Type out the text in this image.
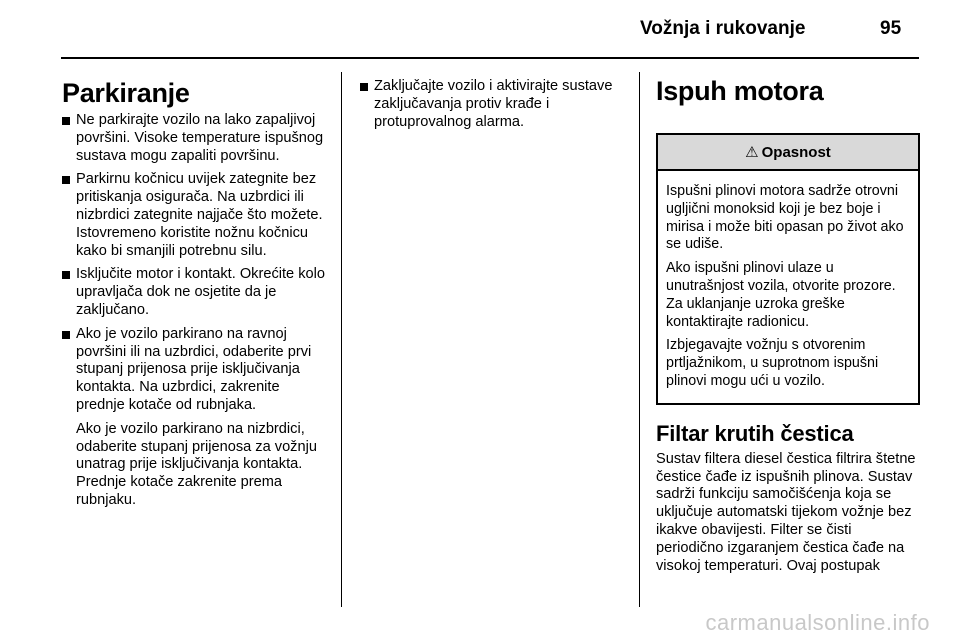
Vožnja i rukovanje	95
Parkiranje
Ne parkirajte vozilo na lako zapaljivoj površini. Visoke temperature ispušnog sustava mogu zapaliti površinu.
Parkirnu kočnicu uvijek zategnite bez pritiskanja osigurača. Na uzbrdici ili nizbrdici zategnite najjače što možete. Istovremeno koristite nožnu kočnicu kako bi smanjili potrebnu silu.
Isključite motor i kontakt. Okrećite kolo upravljača dok ne osjetite da je zaključano.
Ako je vozilo parkirano na ravnoj površini ili na uzbrdici, odaberite prvi stupanj prijenosa prije isključivanja kontakta. Na uzbrdici, zakrenite prednje kotače od rubnjaka.
Ako je vozilo parkirano na nizbrdici, odaberite stupanj prijenosa za vožnju unatrag prije isključivanja kontakta. Prednje kotače zakrenite prema rubnjaku.
Zaključajte vozilo i aktivirajte sustave zaključavanja protiv krađe i protuprovalnog alarma.
Ispuh motora
⚠ Opasnost

Ispušni plinovi motora sadrže otrovni ugljični monoksid koji je bez boje i mirisa i može biti opasan po život ako se udiše.

Ako ispušni plinovi ulaze u unutrašnjost vozila, otvorite prozore. Za uklanjanje uzroka greške kontaktirajte radionicu.

Izbjegavajte vožnju s otvorenim prtljažnikom, u suprotnom ispušni plinovi mogu ući u vozilo.

Filtar krutih čestica
Sustav filtera diesel čestica filtrira štetne čestice čađe iz ispušnih plinova. Sustav sadrži funkciju samočišćenja koja se uključuje automatski tijekom vožnje bez ikakve obavijesti. Filter se čisti periodično izgaranjem čestica čađe na visokoj temperaturi. Ovaj postupak
carmanualsonline.info
